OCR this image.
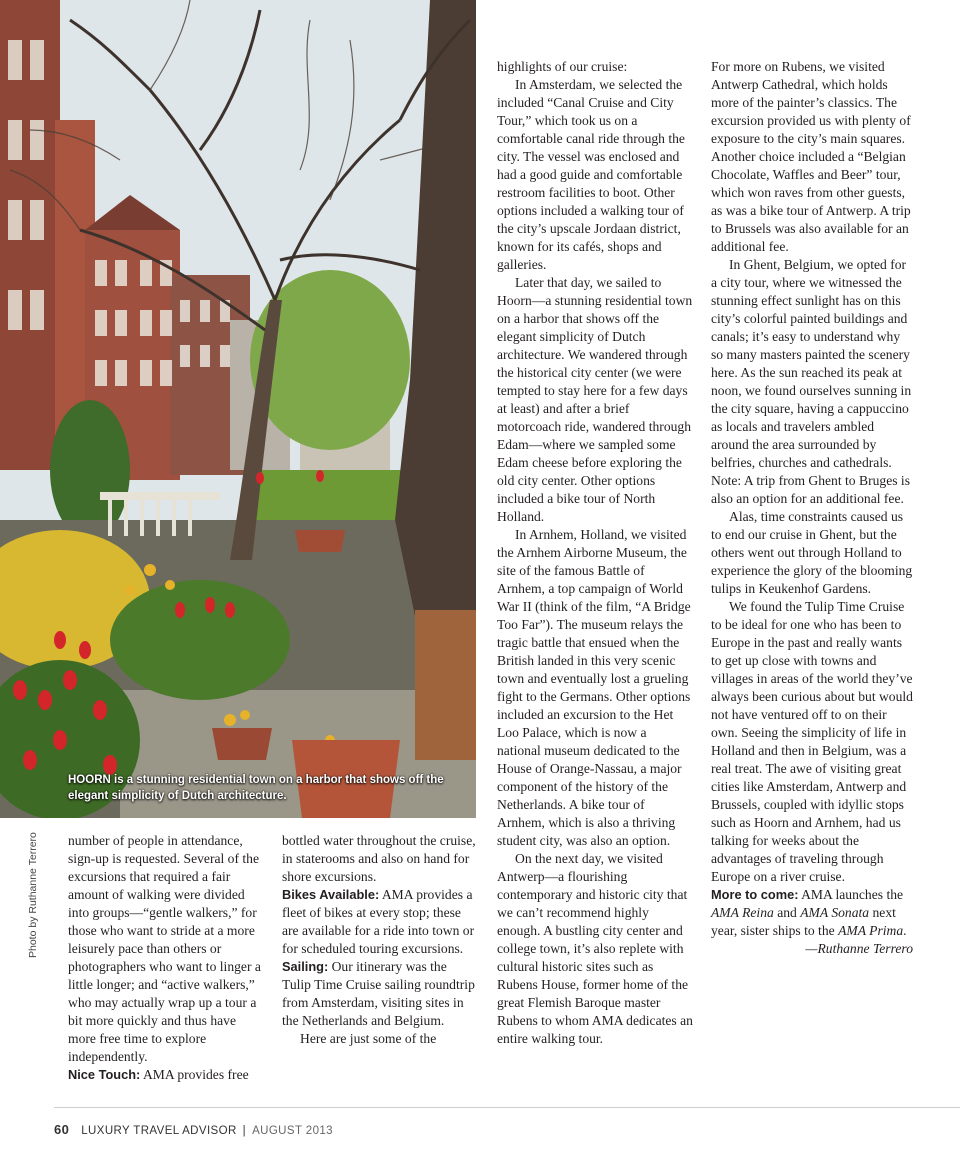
HOORN is a stunning residential town on a harbor that shows off the elegant simplicity of Dutch architecture.
Photo by Ruthanne Terrero number of people in attendance, sign-up is requested. Several of the excursions that required a fair amount of walking were divided into groups—“gentle walkers,” for those who want to stride at a more leisurely pace than others or photographers who want to linger a little longer; and “active walkers,” who may actually wrap up a tour a bit more quickly and thus have more free time to explore independently.

Nice Touch: AMA provides free

bottled water throughout the cruise, in staterooms and also on hand for shore excursions.

Bikes Available: AMA provides a fleet of bikes at every stop; these are available for a ride into town or for scheduled touring excursions.

Sailing: Our itinerary was the Tulip Time Cruise sailing roundtrip from Amsterdam, visiting sites in the Netherlands and Belgium.

Here are just some of the

highlights of our cruise:

In Amsterdam, we selected the included “Canal Cruise and City Tour,” which took us on a comfortable canal ride through the city. The vessel was enclosed and had a good guide and comfortable restroom facilities to boot. Other options included a walking tour of the city’s upscale Jordaan district, known for its cafés, shops and galleries.

Later that day, we sailed to Hoorn—a stunning residential town on a harbor that shows off the elegant simplicity of Dutch architecture. We wandered through the historical city center (we were tempted to stay here for a few days at least) and after a brief motorcoach ride, wandered through Edam—where we sampled some Edam cheese before exploring the old city center. Other options included a bike tour of North Holland.

In Arnhem, Holland, we visited the Arnhem Airborne Museum, the site of the famous Battle of Arnhem, a top campaign of World War II (think of the film, “A Bridge Too Far”). The museum relays the tragic battle that ensued when the British landed in this very scenic town and eventually lost a grueling fight to the Germans. Other options included an excursion to the Het Loo Palace, which is now a national museum dedicated to the House of Orange-Nassau, a major component of the history of the Netherlands. A bike tour of Arnhem, which is also a thriving student city, was also an option.

On the next day, we visited Antwerp—a flourishing contemporary and historic city that we can’t recommend highly enough. A bustling city center and college town, it’s also replete with cultural historic sites such as Rubens House, former home of the great Flemish Baroque master Rubens to whom AMA dedicates an entire walking tour.

For more on Rubens, we visited Antwerp Cathedral, which holds more of the painter’s classics. The excursion provided us with plenty of exposure to the city’s main squares. Another choice included a “Belgian Chocolate, Waffles and Beer” tour, which won raves from other guests, as was a bike tour of Antwerp. A trip to Brussels was also available for an additional fee.

In Ghent, Belgium, we opted for a city tour, where we witnessed the stunning effect sunlight has on this city’s colorful painted buildings and canals; it’s easy to understand why so many masters painted the scenery here. As the sun reached its peak at noon, we found ourselves sunning in the city square, having a cappuccino as locals and travelers ambled around the area surrounded by belfries, churches and cathedrals. Note: A trip from Ghent to Bruges is also an option for an additional fee.

Alas, time constraints caused us to end our cruise in Ghent, but the others went out through Holland to experience the glory of the blooming tulips in Keukenhof Gardens.

We found the Tulip Time Cruise to be ideal for one who has been to Europe in the past and really wants to get up close with towns and villages in areas of the world they’ve always been curious about but would not have ventured off to on their own. Seeing the simplicity of life in Holland and then in Belgium, was a real treat. The awe of visiting great cities like Amsterdam, Antwerp and Brussels, coupled with idyllic stops such as Hoorn and Arnhem, had us talking for weeks about the advantages of traveling through Europe on a river cruise.

More to come: AMA launches the AMA Reina and AMA Sonata next year, sister ships to the AMA Prima.

—Ruthanne Terrero

60 LUXURY TRAVEL ADVISOR | AUGUST 2013
